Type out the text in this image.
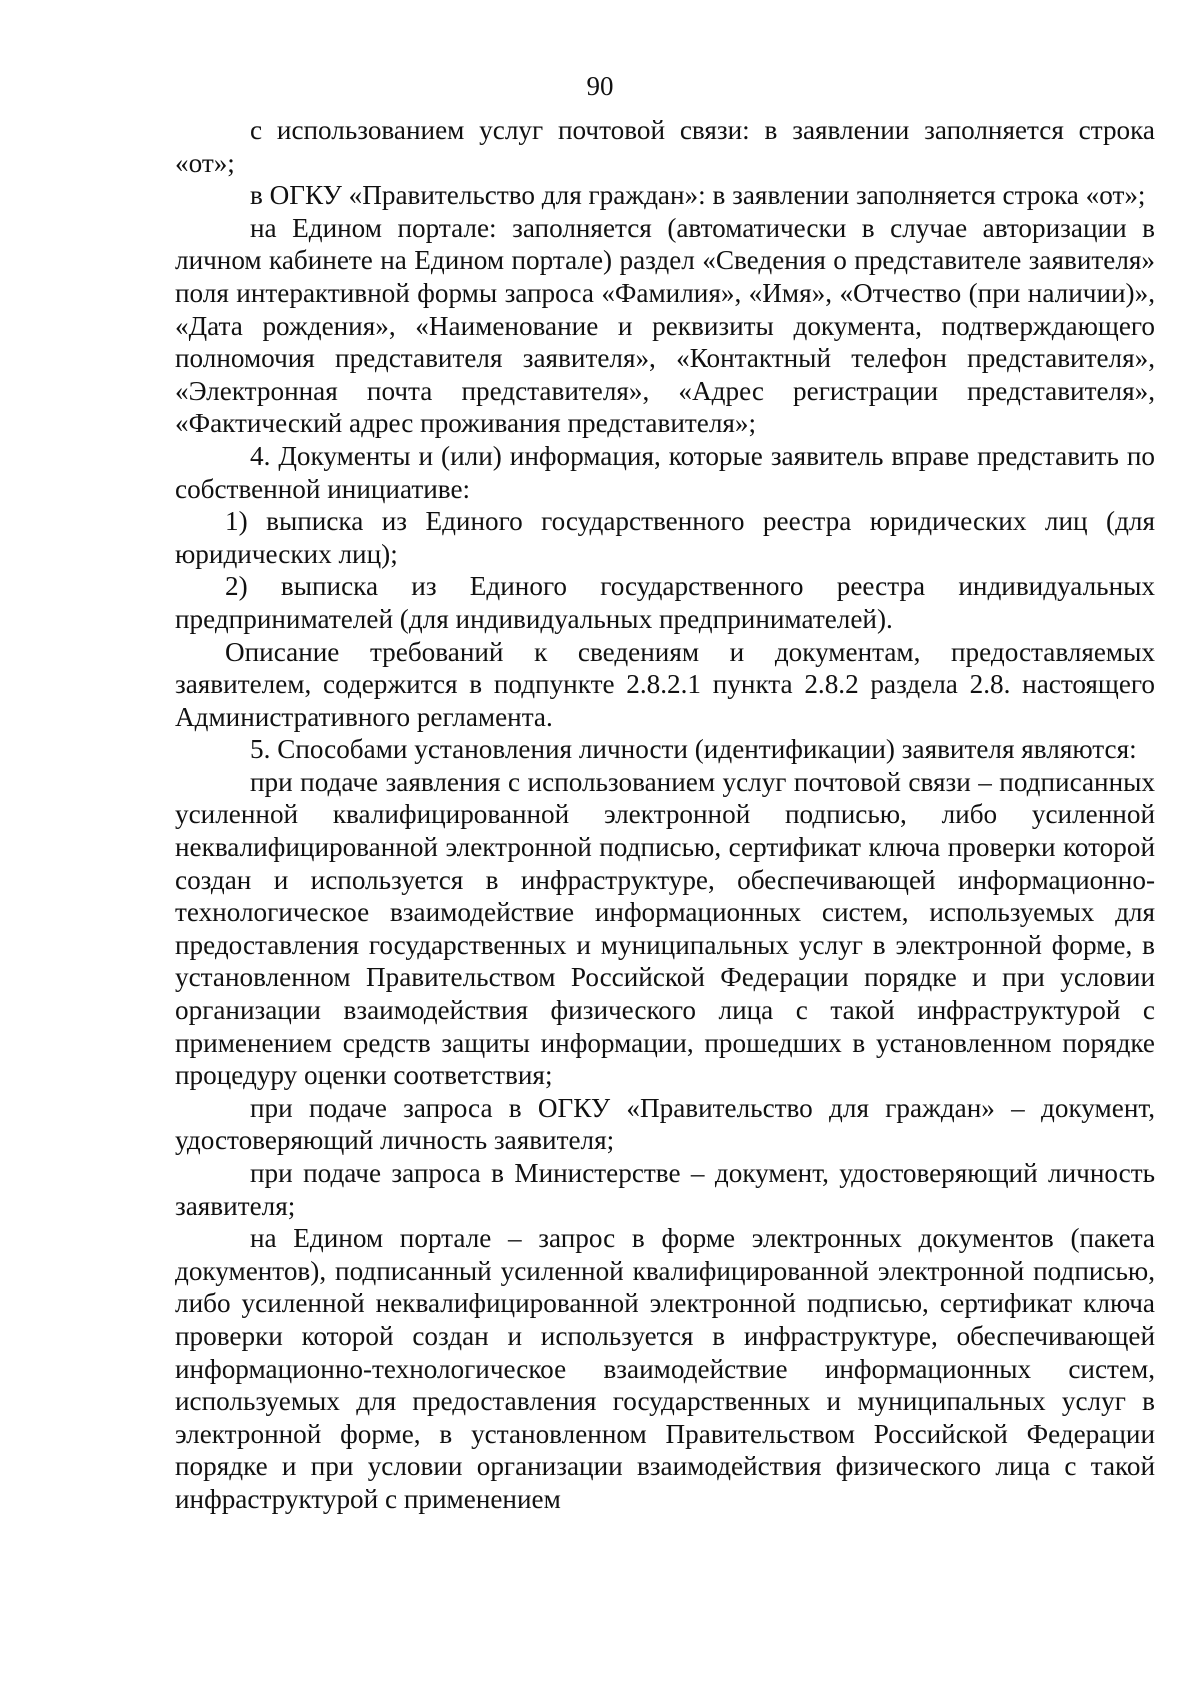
90

с использованием услуг почтовой связи: в заявлении заполняется строка «от»;

в ОГКУ «Правительство для граждан»: в заявлении заполняется строка «от»;

на Едином портале: заполняется (автоматически в случае авторизации в личном кабинете на Едином портале) раздел «Сведения о представителе заявителя» поля интерактивной формы запроса «Фамилия», «Имя», «Отчество (при наличии)», «Дата рождения», «Наименование и реквизиты документа, подтверждающего полномочия представителя заявителя», «Контактный телефон представителя», «Электронная почта представителя», «Адрес регистрации представителя», «Фактический адрес проживания представителя»;

4. Документы и (или) информация, которые заявитель вправе представить по собственной инициативе:

1) выписка из Единого государственного реестра юридических лиц (для юридических лиц);

2) выписка из Единого государственного реестра индивидуальных предпринимателей (для индивидуальных предпринимателей).

Описание требований к сведениям и документам, предоставляемых заявителем, содержится в подпункте 2.8.2.1 пункта 2.8.2 раздела 2.8. настоящего Административного регламента.

5. Способами установления личности (идентификации) заявителя являются:

при подаче заявления с использованием услуг почтовой связи – подписанных усиленной квалифицированной электронной подписью, либо усиленной неквалифицированной электронной подписью, сертификат ключа проверки которой создан и используется в инфраструктуре, обеспечивающей информационно-технологическое взаимодействие информационных систем, используемых для предоставления государственных и муниципальных услуг в электронной форме, в установленном Правительством Российской Федерации порядке и при условии организации взаимодействия физического лица с такой инфраструктурой с применением средств защиты информации, прошедших в установленном порядке процедуру оценки соответствия;

при подаче запроса в ОГКУ «Правительство для граждан» – документ, удостоверяющий личность заявителя;

при подаче запроса в Министерстве – документ, удостоверяющий личность заявителя;

на Едином портале – запрос в форме электронных документов (пакета документов), подписанный усиленной квалифицированной электронной подписью, либо усиленной неквалифицированной электронной подписью, сертификат ключа проверки которой создан и используется в инфраструктуре, обеспечивающей информационно-технологическое взаимодействие информационных систем, используемых для предоставления государственных и муниципальных услуг в электронной форме, в установленном Правительством Российской Федерации порядке и при условии организации взаимодействия физического лица с такой инфраструктурой с применением
